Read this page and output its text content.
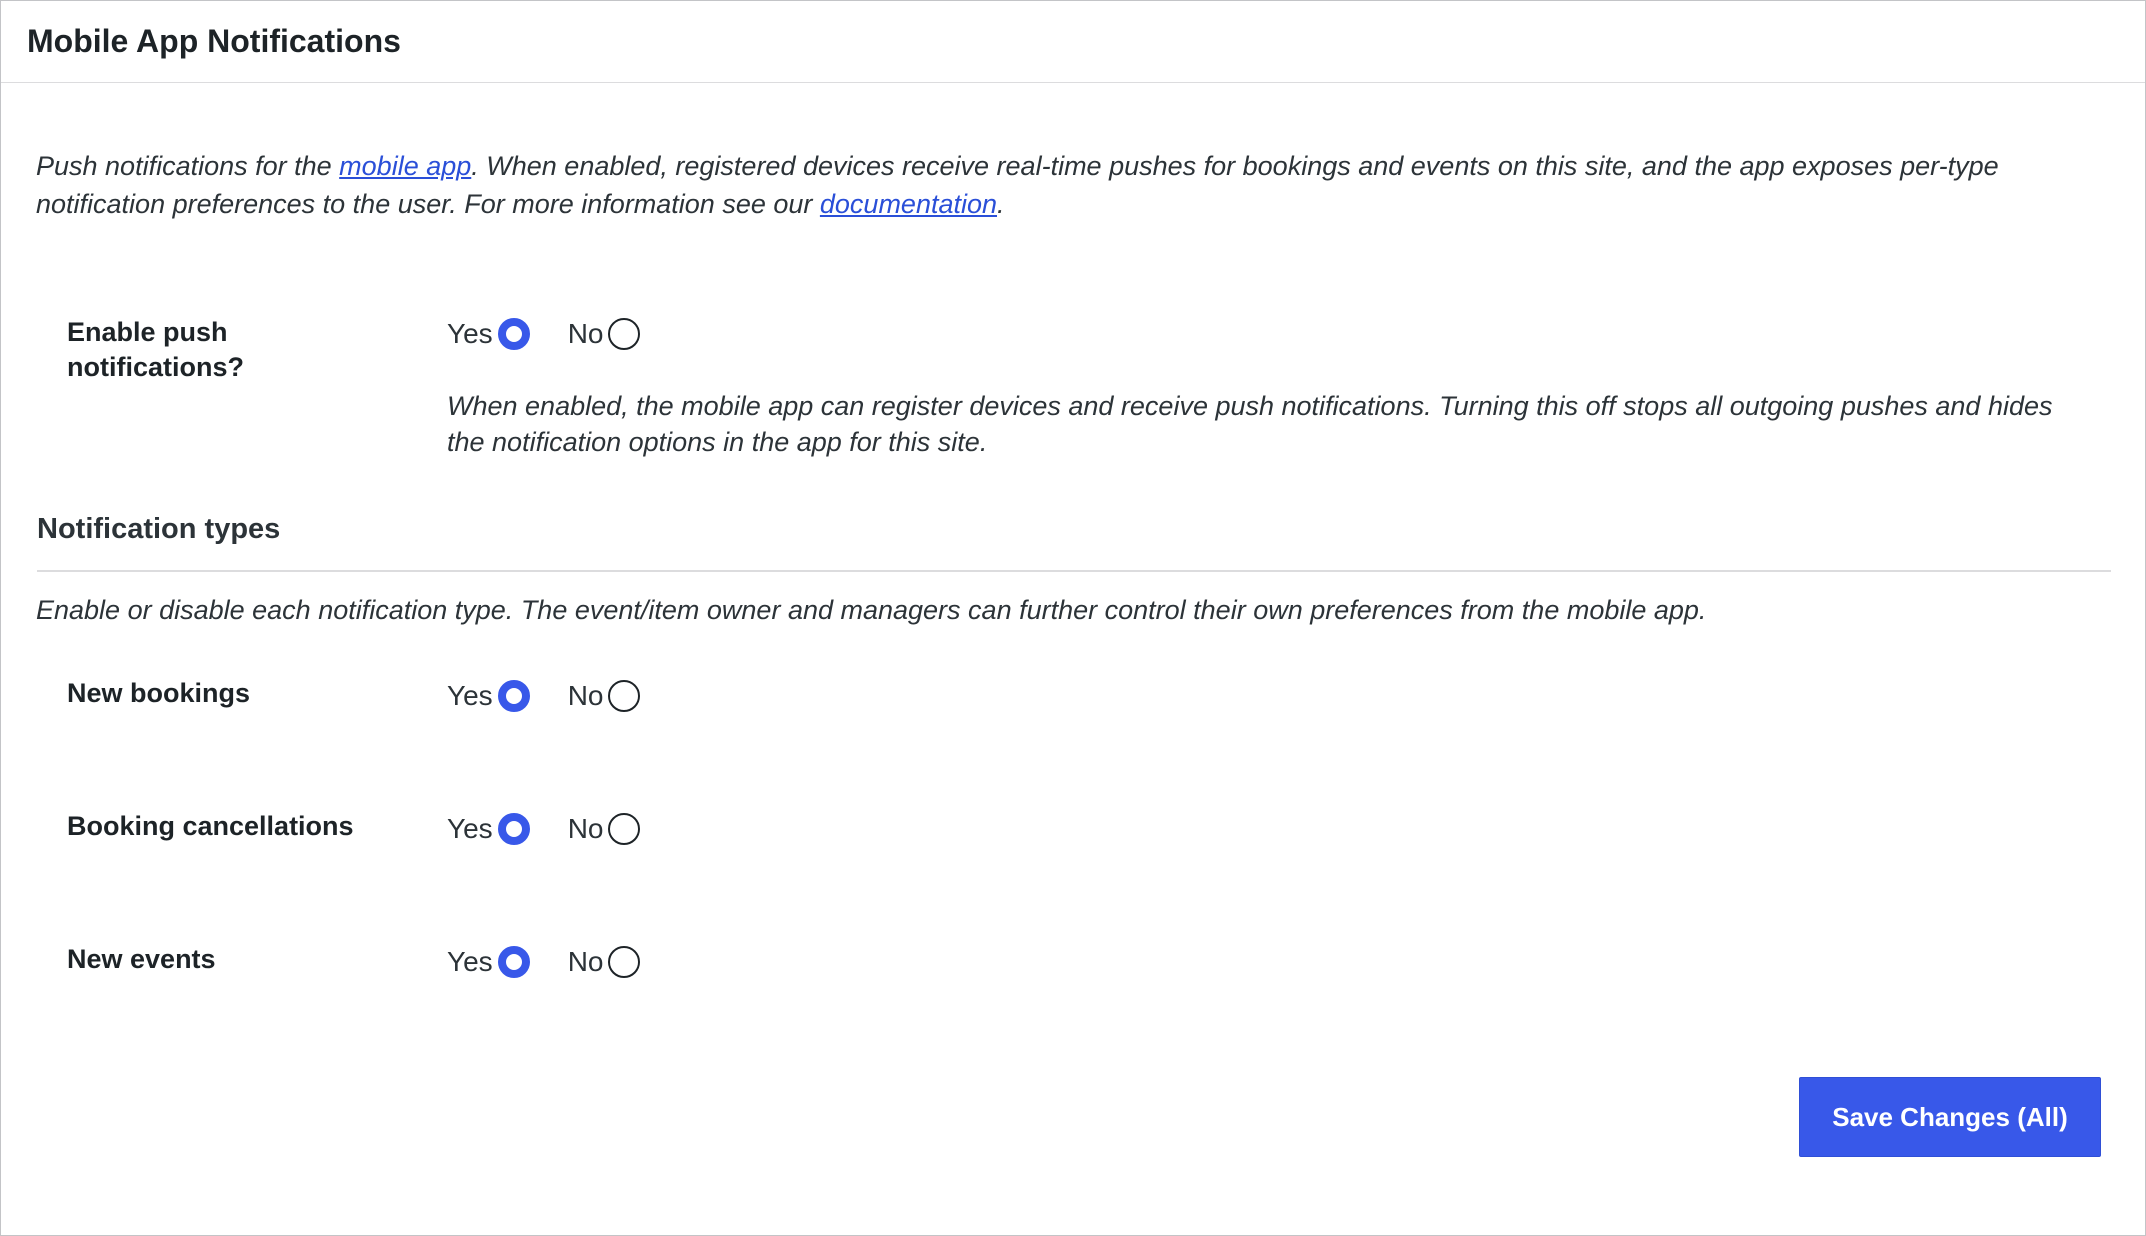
Mobile App Notifications

Push notifications for the mobile app. When enabled, registered devices receive real-time pushes for bookings and events on this site, and the app exposes per-type notification preferences to the user. For more information see our documentation.

Enable push notifications?
Yes	No

When enabled, the mobile app can register devices and receive push notifications. Turning this off stops all outgoing pushes and hides the notification options in the app for this site.

Notification types
Enable or disable each notification type. The event/item owner and managers can further control their own preferences from the mobile app.
New bookings	Yes	No
Booking cancellations	Yes	No
New events	Yes	No
Save Changes (All)
